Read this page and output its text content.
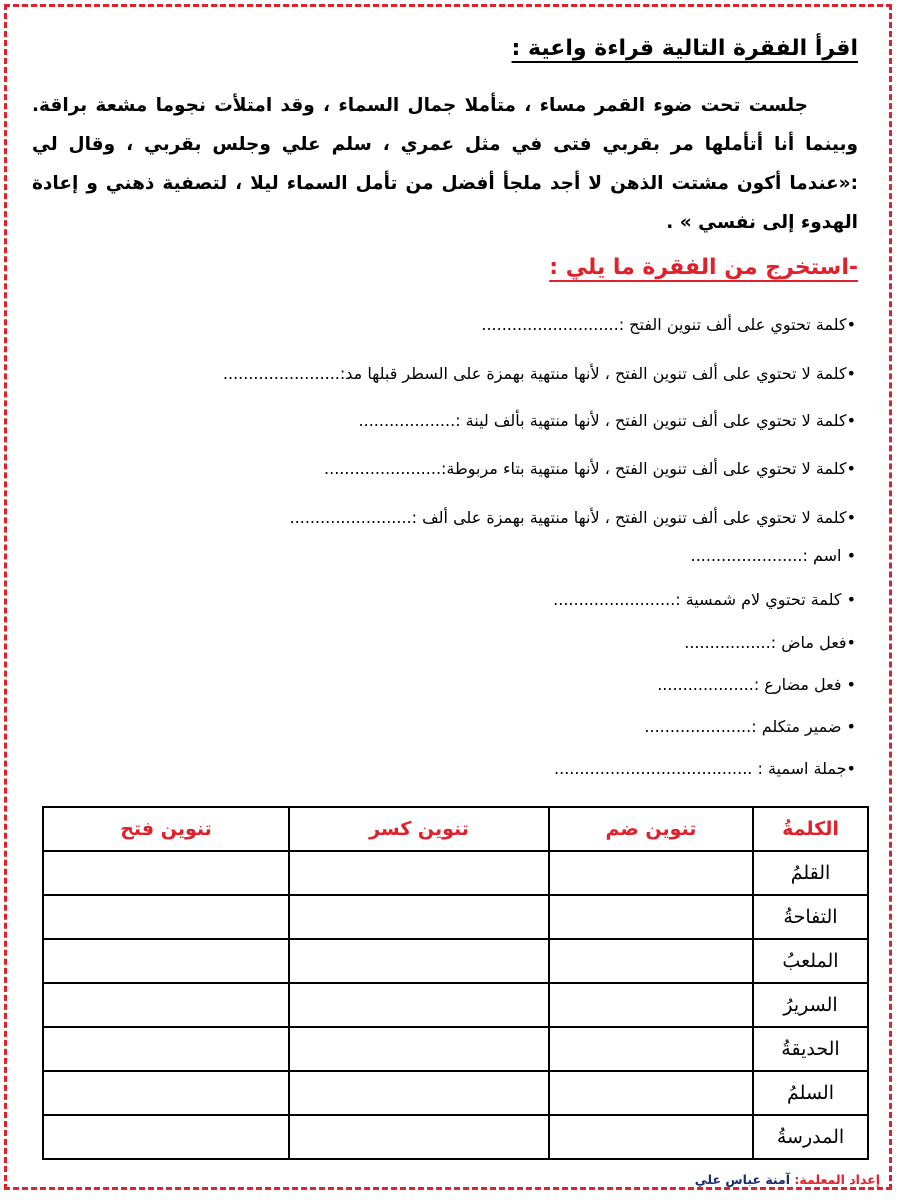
اقرأ الفقرة التالية قراءة واعية :

جلست تحت ضوء القمر مساء ، متأملا جمال السماء ، وقد امتلأت نجوما مشعة براقة. وبينما أنا أتأملها مر بقربي فتى في مثل عمري ، سلم علي وجلس بقربي ، وقال لي :«عندما أكون مشتت الذهن لا أجد ملجأ أفضل من تأمل السماء ليلا ، لتصفية ذهني و إعادة الهدوء إلى نفسي » .

-استخرج من الفقرة ما يلي :

•كلمة تحتوي على ألف تنوين الفتح :...........................

•كلمة لا تحتوي على ألف تنوين الفتح ، لأنها منتهية بهمزة على السطر قبلها مد:.......................

•كلمة لا تحتوي على ألف تنوين الفتح ، لأنها منتهية بألف لينة :...................

•كلمة لا تحتوي على ألف تنوين الفتح ، لأنها منتهية بتاء مربوطة:.......................

•كلمة لا تحتوي على ألف تنوين الفتح ، لأنها منتهية بهمزة على ألف :........................

• اسم :......................

• كلمة تحتوي لام شمسية :........................

•فعل ماض :.................

• فعل مضارع :...................

• ضمير متكلم :.....................

•جملة اسمية : .......................................

الكلمةُ	تنوين ضم	تنوين كسر	تنوين فتح
القلمُ			
التفاحةُ			
الملعبُ			
السريرُ			
الحديقةُ			
السلمُ			
المدرسةُ			

إعداد المعلمة: آمنة عباس علي
